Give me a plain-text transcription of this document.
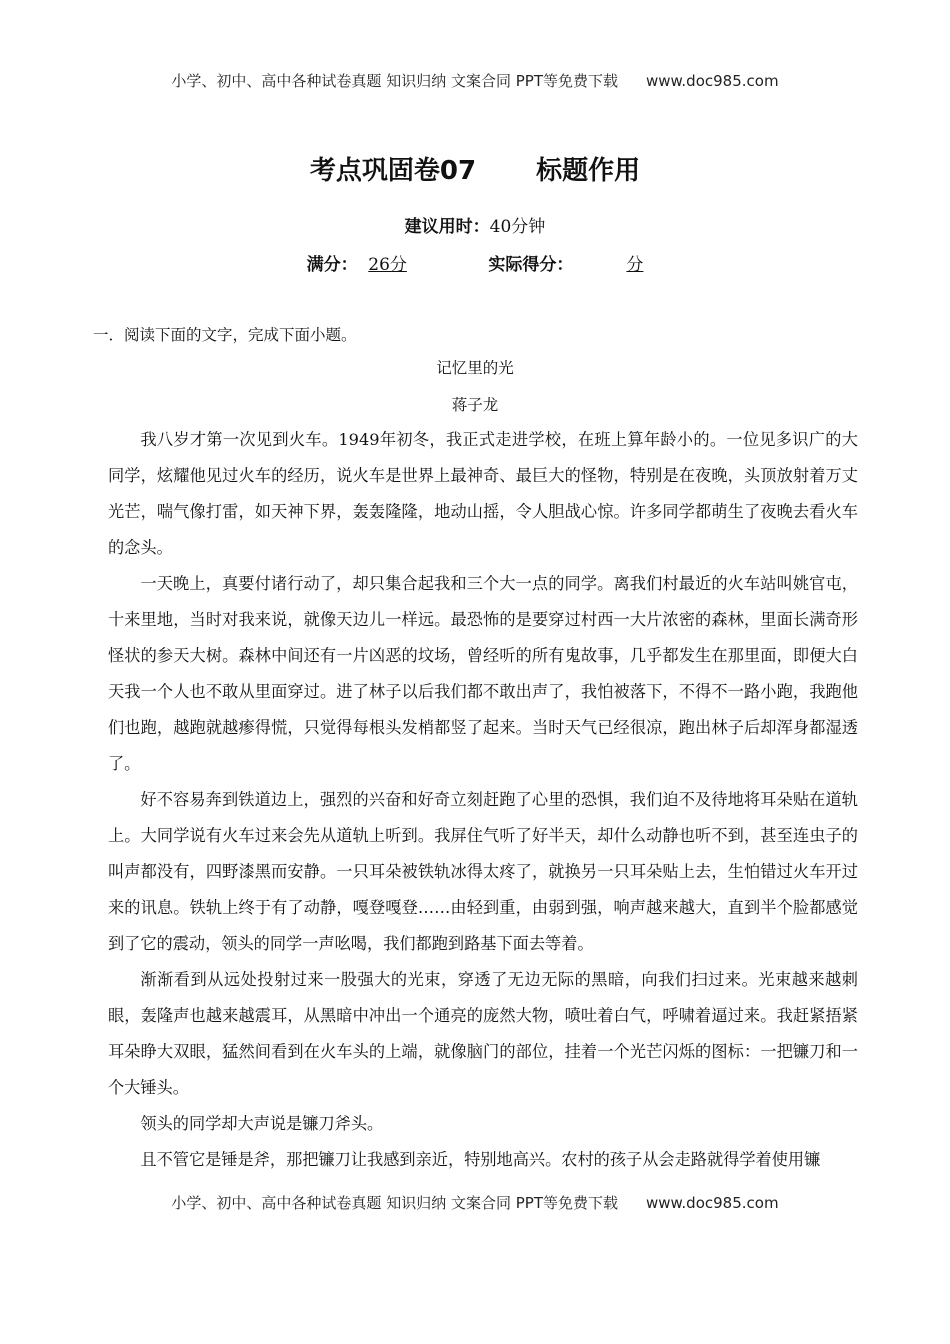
小学、初中、高中各种试卷真题 知识归纳 文案合同 PPT等免费下载 www.doc985.com
考点巩固卷07 标题作用
建议用时：40分钟
满分： 26分	实际得分：	分
一．阅读下面的文字，完成下面小题。
记忆里的光
蒋子龙

我八岁才第一次见到火车。1949年初冬，我正式走进学校，在班上算年龄小的。一位见多识广的大同学，炫耀他见过火车的经历，说火车是世界上最神奇、最巨大的怪物，特别是在夜晚，头顶放射着万丈光芒，喘气像打雷，如天神下界，轰轰隆隆，地动山摇，令人胆战心惊。许多同学都萌生了夜晚去看火车的念头。

一天晚上，真要付诸行动了，却只集合起我和三个大一点的同学。离我们村最近的火车站叫姚官屯，十来里地，当时对我来说，就像天边儿一样远。最恐怖的是要穿过村西一大片浓密的森林，里面长满奇形怪状的参天大树。森林中间还有一片凶恶的坟场，曾经听的所有鬼故事，几乎都发生在那里面，即便大白天我一个人也不敢从里面穿过。进了林子以后我们都不敢出声了，我怕被落下，不得不一路小跑，我跑他们也跑，越跑就越瘆得慌，只觉得每根头发梢都竖了起来。当时天气已经很凉，跑出林子后却浑身都湿透了。

好不容易奔到铁道边上，强烈的兴奋和好奇立刻赶跑了心里的恐惧，我们迫不及待地将耳朵贴在道轨上。大同学说有火车过来会先从道轨上听到。我屏住气听了好半天，却什么动静也听不到，甚至连虫子的叫声都没有，四野漆黑而安静。一只耳朵被铁轨冰得太疼了，就换另一只耳朵贴上去，生怕错过火车开过来的讯息。铁轨上终于有了动静，嘎登嘎登……由轻到重，由弱到强，响声越来越大，直到半个脸都感觉到了它的震动，领头的同学一声吆喝，我们都跑到路基下面去等着。

渐渐看到从远处投射过来一股强大的光束，穿透了无边无际的黑暗，向我们扫过来。光束越来越刺眼，轰隆声也越来越震耳，从黑暗中冲出一个通亮的庞然大物，喷吐着白气，呼啸着逼过来。我赶紧捂紧耳朵睁大双眼，猛然间看到在火车头的上端，就像脑门的部位，挂着一个光芒闪烁的图标：一把镰刀和一个大锤头。

领头的同学却大声说是镰刀斧头。

且不管它是锤是斧，那把镰刀让我感到亲近，特别地高兴。农村的孩子从会走路就得学着使用镰

小学、初中、高中各种试卷真题 知识归纳 文案合同 PPT等免费下载 www.doc985.com
